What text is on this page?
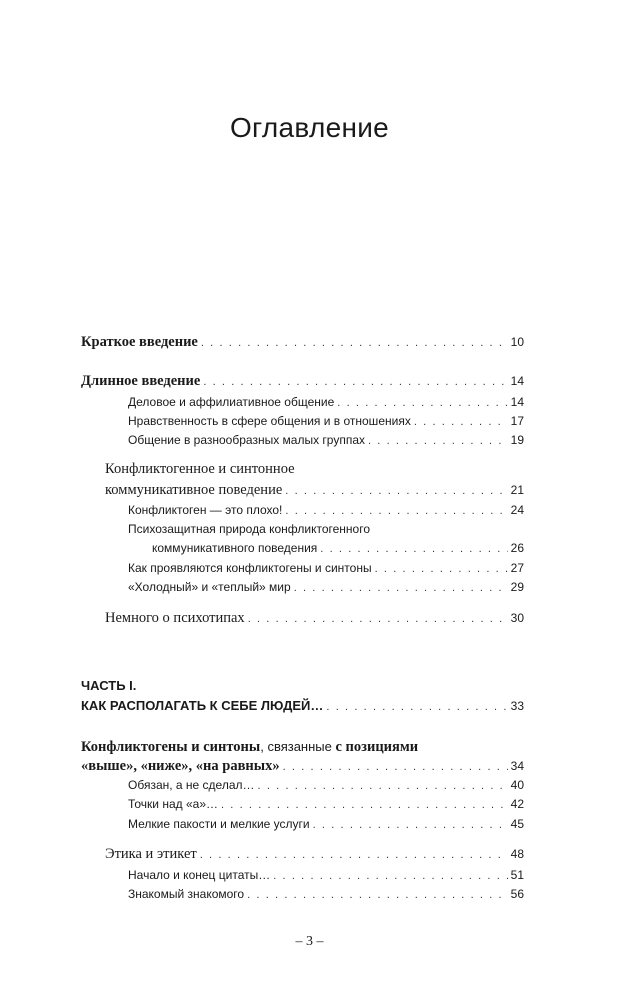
Оглавление
Краткое введение . . .	10
Длинное введение . . .	14
Деловое и аффилиативное общение . . .	14
Нравственность в сфере общения и в отношениях . . .	17
Общение в разнообразных малых группах . . .	19
Конфликтогенное и синтонное
коммуникативное поведение . . .	21
Конфликтоген — это плохо! . . .	24
Психозащитная природа конфликтогенного
коммуникативного поведения . . .	26
Как проявляются конфликтогены и синтоны . . .	27
«Холодный» и «теплый» мир . . .	29
Немного о психотипах . . .	30
ЧАСТЬ I.
КАК РАСПОЛАГАТЬ К СЕБЕ ЛЮДЕЙ… . . .	33
Конфликтогены и синтоны, связанные с позициями
«выше», «ниже», «на равных» . . .	34
Обязан, а не сделал… . . .	40
Точки над «а»… . . .	42
Мелкие пакости и мелкие услуги . . .	45
Этика и этикет . . .	48
Начало и конец цитаты… . . .	51
Знакомый знакомого . . .	56
– 3 –
